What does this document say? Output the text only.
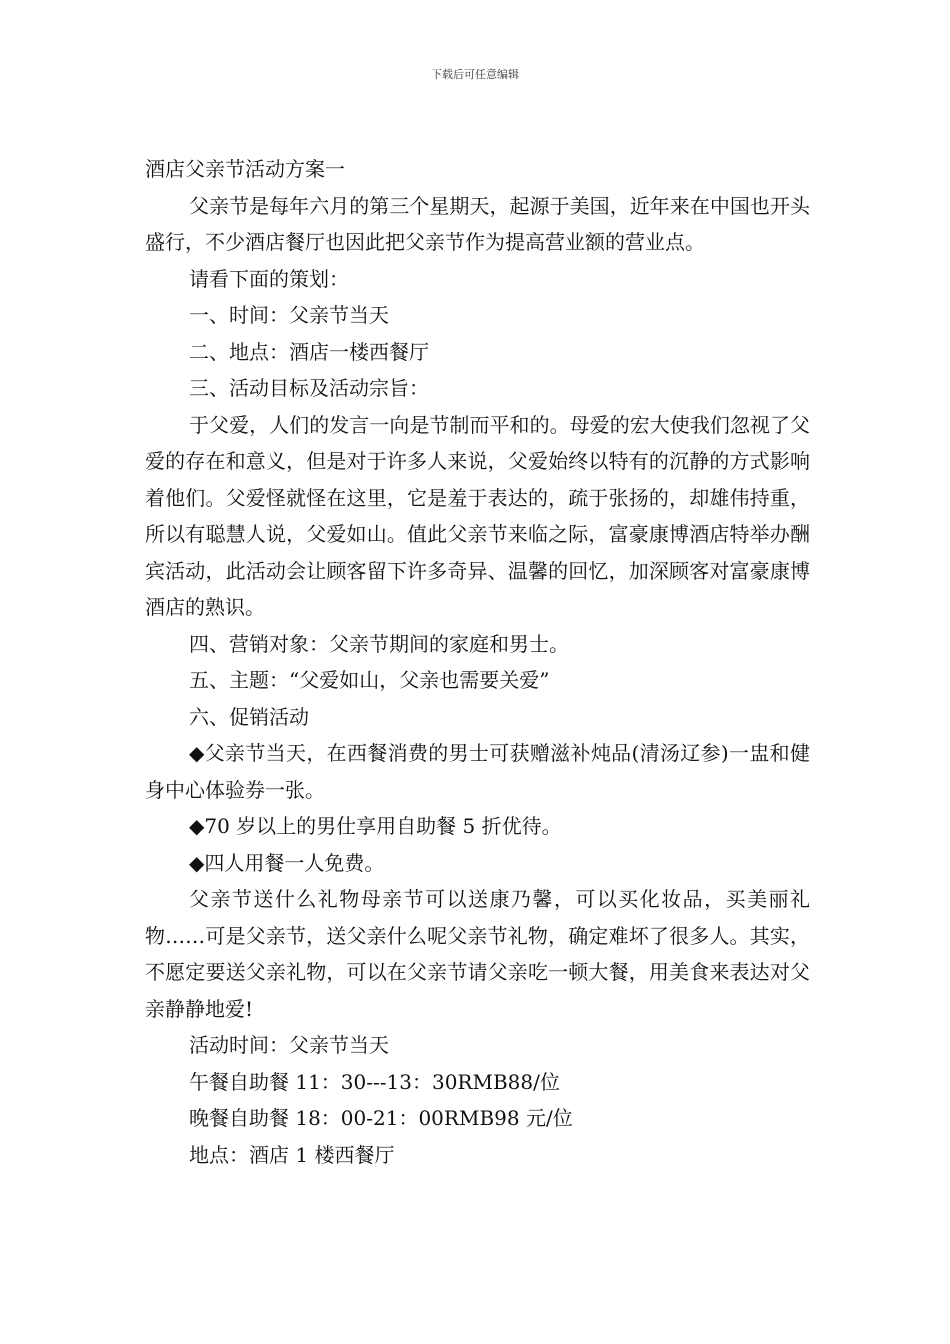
下载后可任意编辑

酒店父亲节活动方案一

父亲节是每年六月的第三个星期天，起源于美国，近年来在中国也开头盛行，不少酒店餐厅也因此把父亲节作为提高营业额的营业点。

请看下面的策划：

一、时间：父亲节当天

二、地点：酒店一楼西餐厅

三、活动目标及活动宗旨：

于父爱，人们的发言一向是节制而平和的。母爱的宏大使我们忽视了父爱的存在和意义，但是对于许多人来说，父爱始终以特有的沉静的方式影响着他们。父爱怪就怪在这里，它是羞于表达的，疏于张扬的，却雄伟持重，所以有聪慧人说，父爱如山。值此父亲节来临之际，富豪康博酒店特举办酬宾活动，此活动会让顾客留下许多奇异、温馨的回忆，加深顾客对富豪康博酒店的熟识。

四、营销对象：父亲节期间的家庭和男士。

五、主题：“父爱如山，父亲也需要关爱”

六、促销活动

◆父亲节当天，在西餐消费的男士可获赠滋补炖品(清汤辽参)一盅和健身中心体验券一张。

◆70 岁以上的男仕享用自助餐 5 折优待。

◆四人用餐一人免费。

父亲节送什么礼物母亲节可以送康乃馨，可以买化妆品，买美丽礼物……可是父亲节，送父亲什么呢父亲节礼物，确定难坏了很多人。其实，不愿定要送父亲礼物，可以在父亲节请父亲吃一顿大餐，用美食来表达对父亲静静地爱!

活动时间：父亲节当天

午餐自助餐 11：30---13：30RMB88/位

晚餐自助餐 18：00-21：00RMB98 元/位

地点：酒店 1 楼西餐厅
